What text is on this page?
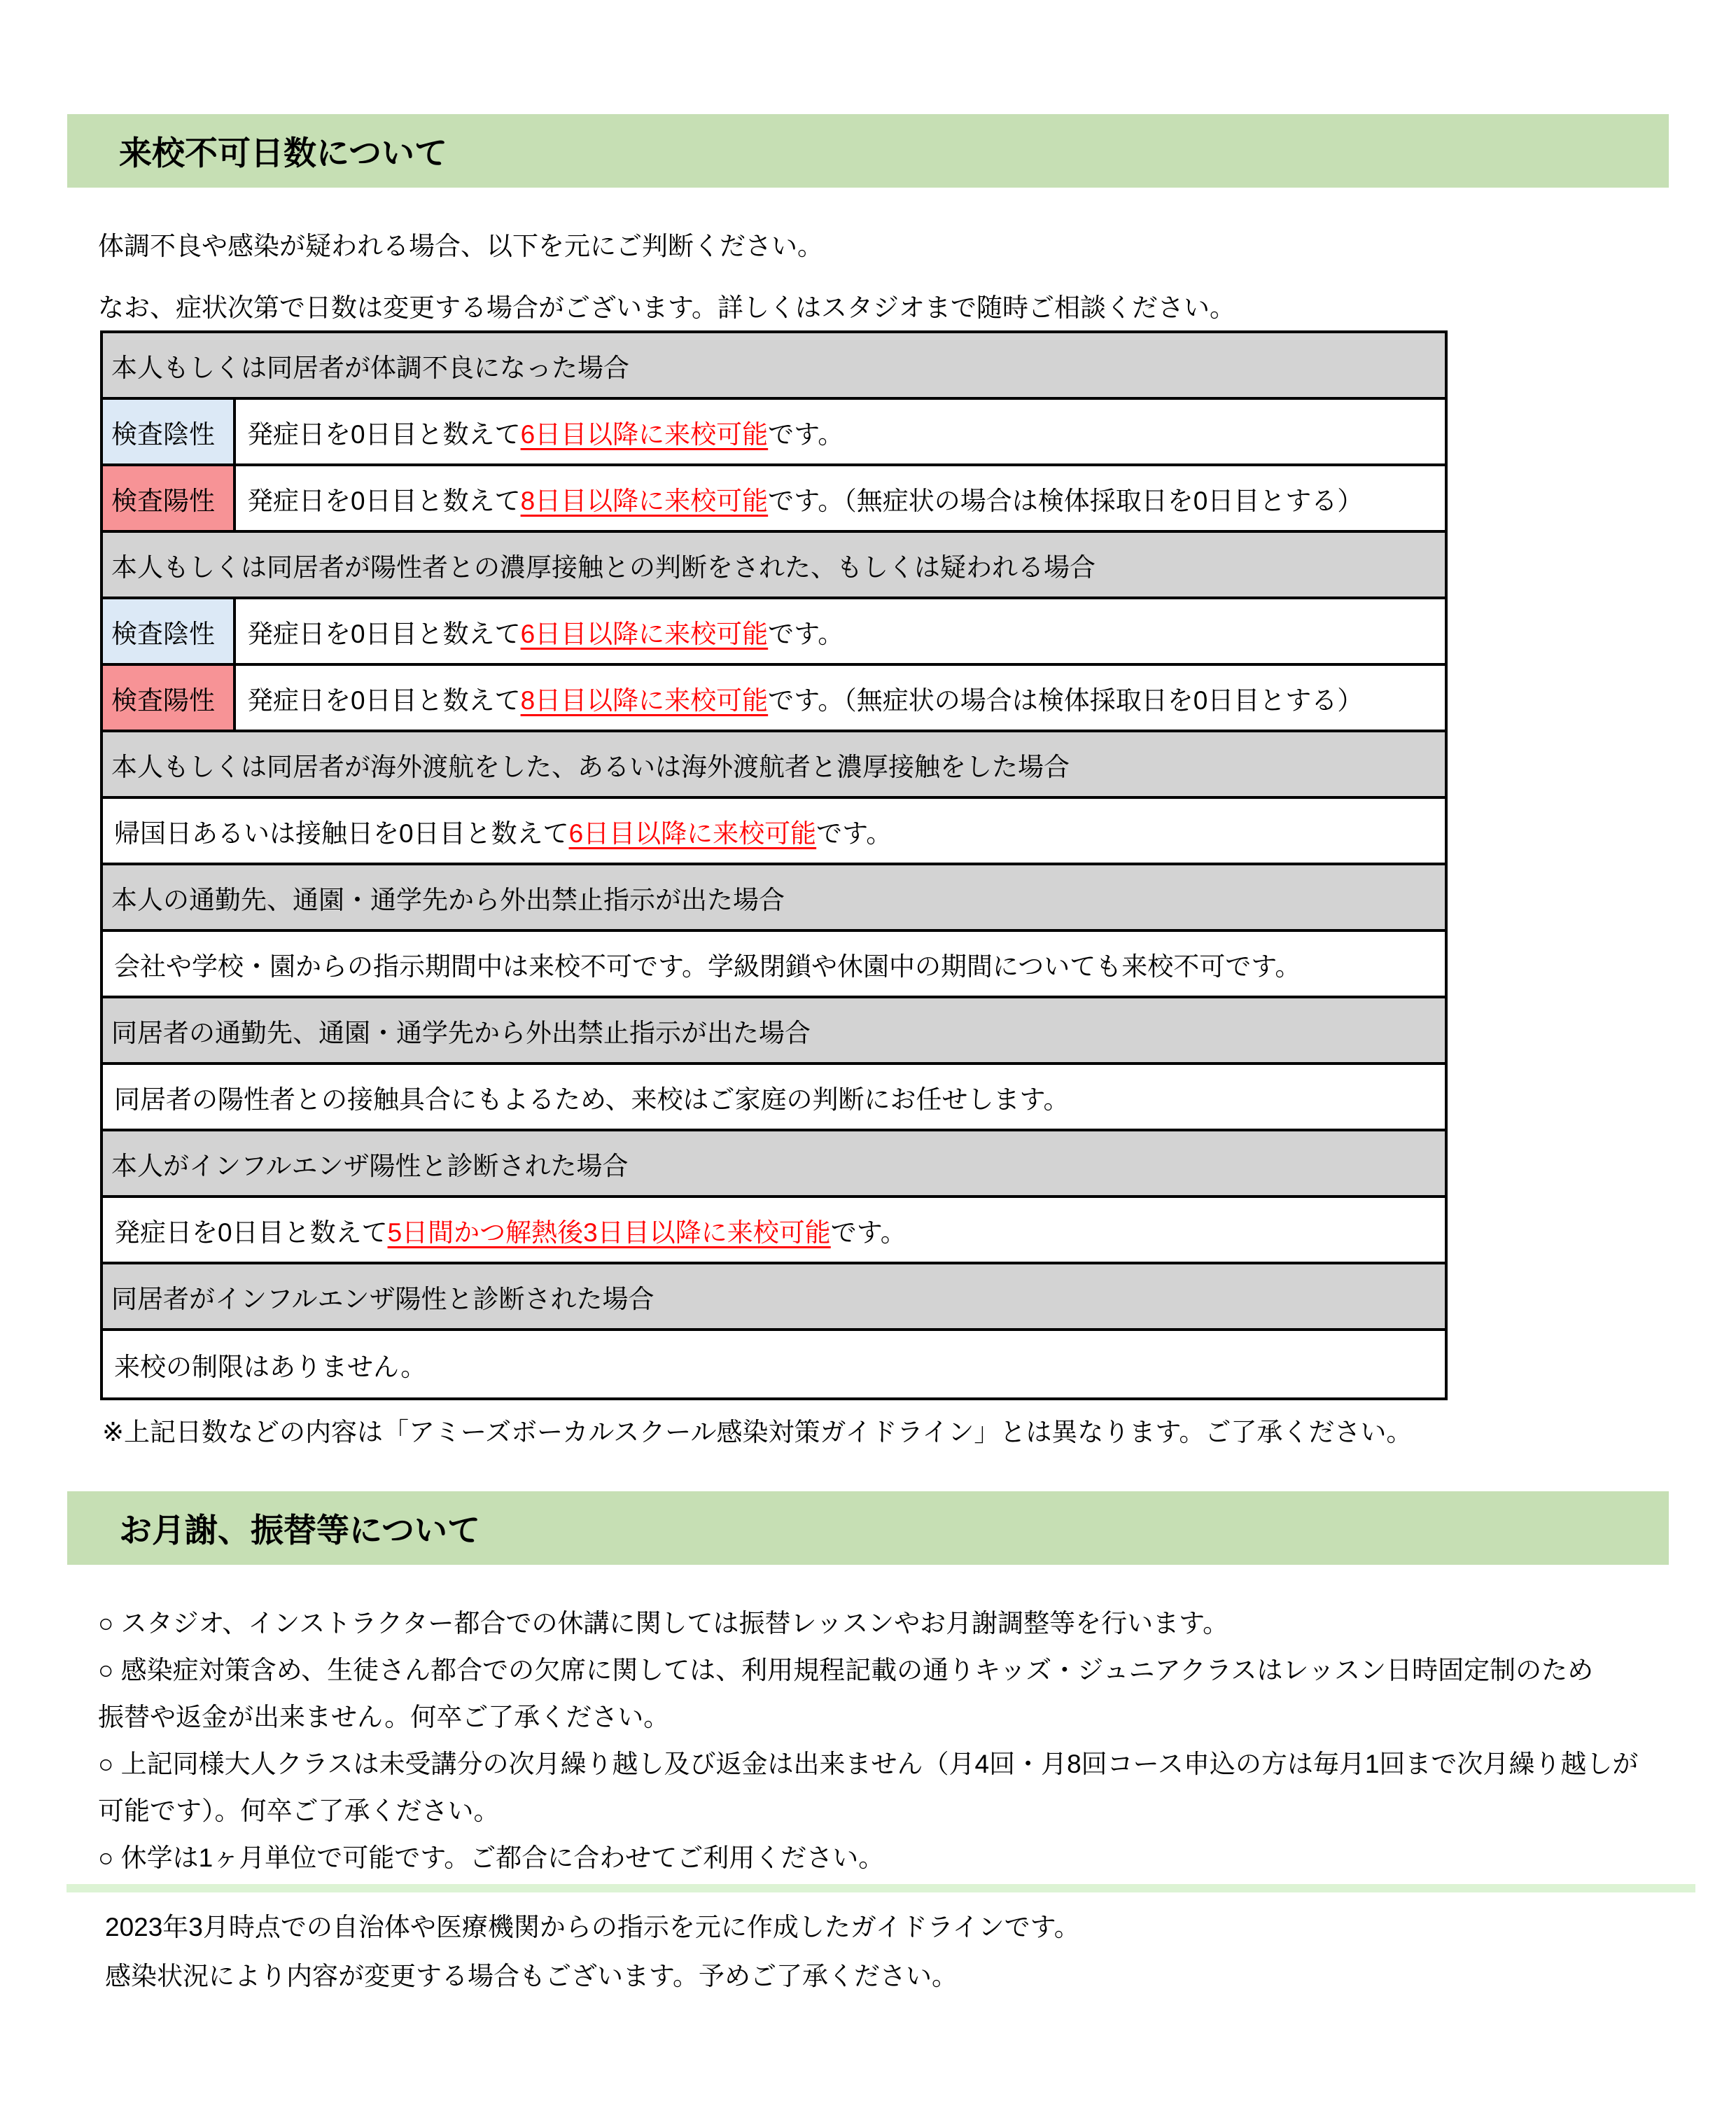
来校不可日数について
体調不良や感染が疑われる場合、以下を元にご判断ください。
なお、症状次第で日数は変更する場合がございます。詳しくはスタジオまで随時ご相談ください。
本人もしくは同居者が体調不良になった場合
検査陰性	発症日を0日目と数えて 6日目以降に来校可能 です。
検査陽性	発症日を0日目と数えて 8日目以降に来校可能 です。（無症状の場合は検体採取日を0日目とする）
本人もしくは同居者が陽性者との濃厚接触との判断をされた、もしくは疑われる場合
検査陰性	発症日を0日目と数えて 6日目以降に来校可能 です。
検査陽性	発症日を0日目と数えて 8日目以降に来校可能 です。（無症状の場合は検体採取日を0日目とする）
本人もしくは同居者が海外渡航をした、あるいは海外渡航者と濃厚接触をした場合
帰国日あるいは接触日を0日目と数えて 6日目以降に来校可能 です。
本人の通勤先、通園・通学先から外出禁止指示が出た場合
会社や学校・園からの指示期間中は来校不可です。学級閉鎖や休園中の期間についても来校不可です。
同居者の通勤先、通園・通学先から外出禁止指示が出た場合
同居者の陽性者との接触具合にもよるため、来校はご家庭の判断にお任せします。
本人がインフルエンザ陽性と診断された場合
発症日を0日目と数えて 5日間かつ解熱後3日目以降に来校可能 です。
同居者がインフルエンザ陽性と診断された場合
来校の制限はありません。
※上記日数などの内容は「アミーズボーカルスクール感染対策ガイドライン」とは異なります。ご了承ください。
お月謝、振替等について
○ スタジオ、インストラクター都合での休講に関しては振替レッスンやお月謝調整等を行います。
○ 感染症対策含め、生徒さん都合での欠席に関しては、利用規程記載の通りキッズ・ジュニアクラスはレッスン日時固定制のため
振替や返金が出来ません。何卒ご了承ください。
○ 上記同様大人クラスは未受講分の次月繰り越し及び返金は出来ません（月4回・月8回コース申込の方は毎月1回まで次月繰り越しが
可能です）。何卒ご了承ください。
○ 休学は1ヶ月単位で可能です。ご都合に合わせてご利用ください。
2023年3月時点での自治体や医療機関からの指示を元に作成したガイドラインです。
感染状況により内容が変更する場合もございます。予めご了承ください。
